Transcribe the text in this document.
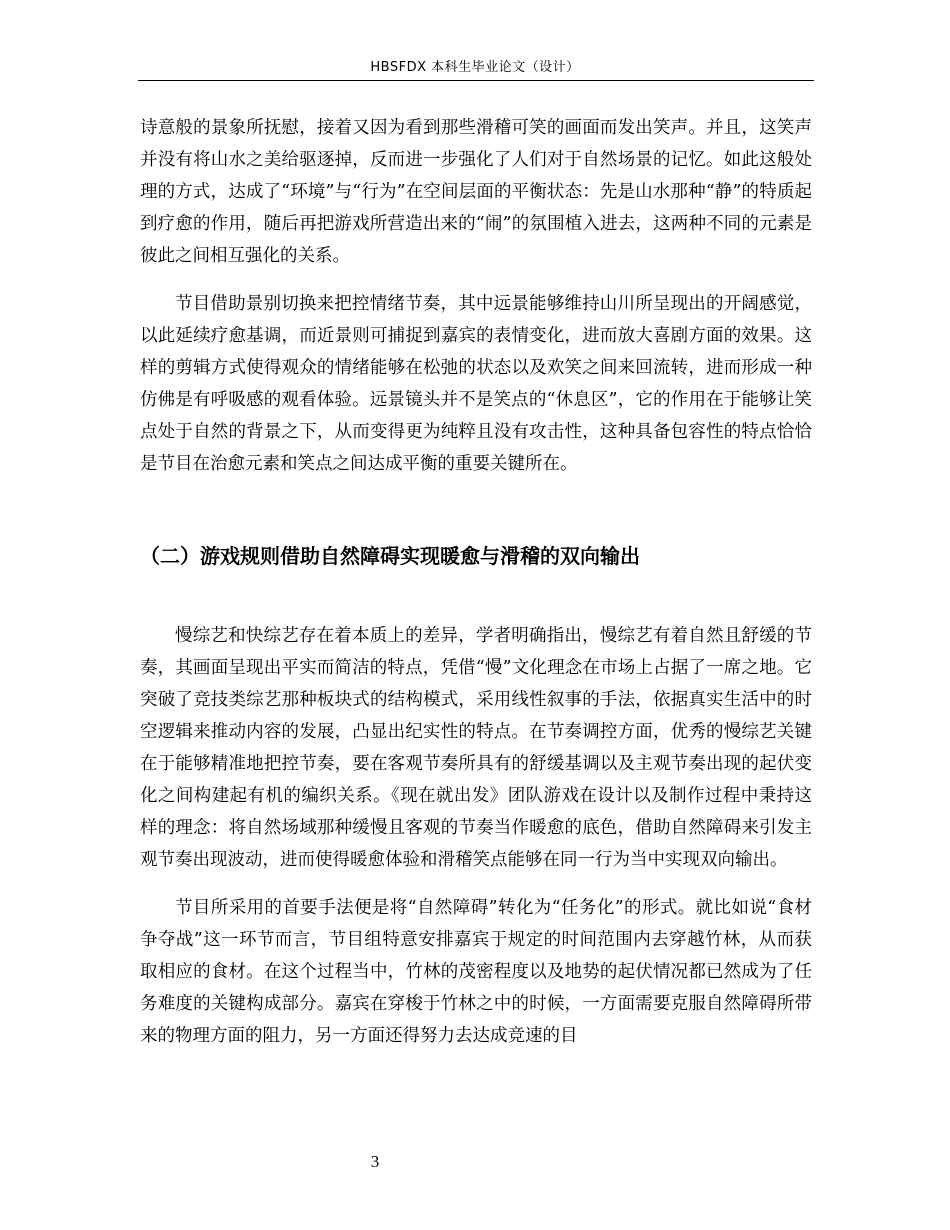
HBSFDX 本科生毕业论文（设计）

诗意般的景象所抚慰，接着又因为看到那些滑稽可笑的画面而发出笑声。并且，这笑声并没有将山水之美给驱逐掉，反而进一步强化了人们对于自然场景的记忆。如此这般处理的方式，达成了“环境”与“行为”在空间层面的平衡状态：先是山水那种“静”的特质起到疗愈的作用，随后再把游戏所营造出来的“闹”的氛围植入进去，这两种不同的元素是彼此之间相互强化的关系。

节目借助景别切换来把控情绪节奏，其中远景能够维持山川所呈现出的开阔感觉，以此延续疗愈基调，而近景则可捕捉到嘉宾的表情变化，进而放大喜剧方面的效果。这样的剪辑方式使得观众的情绪能够在松弛的状态以及欢笑之间来回流转，进而形成一种仿佛是有呼吸感的观看体验。远景镜头并不是笑点的“休息区”，它的作用在于能够让笑点处于自然的背景之下，从而变得更为纯粹且没有攻击性，这种具备包容性的特点恰恰是节目在治愈元素和笑点之间达成平衡的重要关键所在。

（二）游戏规则借助自然障碍实现暖愈与滑稽的双向输出

慢综艺和快综艺存在着本质上的差异，学者明确指出，慢综艺有着自然且舒缓的节奏，其画面呈现出平实而简洁的特点，凭借“慢”文化理念在市场上占据了一席之地。它突破了竞技类综艺那种板块式的结构模式，采用线性叙事的手法，依据真实生活中的时空逻辑来推动内容的发展，凸显出纪实性的特点。在节奏调控方面，优秀的慢综艺关键在于能够精准地把控节奏，要在客观节奏所具有的舒缓基调以及主观节奏出现的起伏变化之间构建起有机的编织关系。《现在就出发》团队游戏在设计以及制作过程中秉持这样的理念：将自然场域那种缓慢且客观的节奏当作暖愈的底色，借助自然障碍来引发主观节奏出现波动，进而使得暖愈体验和滑稽笑点能够在同一行为当中实现双向输出。

节目所采用的首要手法便是将“自然障碍”转化为“任务化”的形式。就比如说“食材争夺战”这一环节而言，节目组特意安排嘉宾于规定的时间范围内去穿越竹林，从而获取相应的食材。在这个过程当中，竹林的茂密程度以及地势的起伏情况都已然成为了任务难度的关键构成部分。嘉宾在穿梭于竹林之中的时候，一方面需要克服自然障碍所带来的物理方面的阻力，另一方面还得努力去达成竞速的目

3
